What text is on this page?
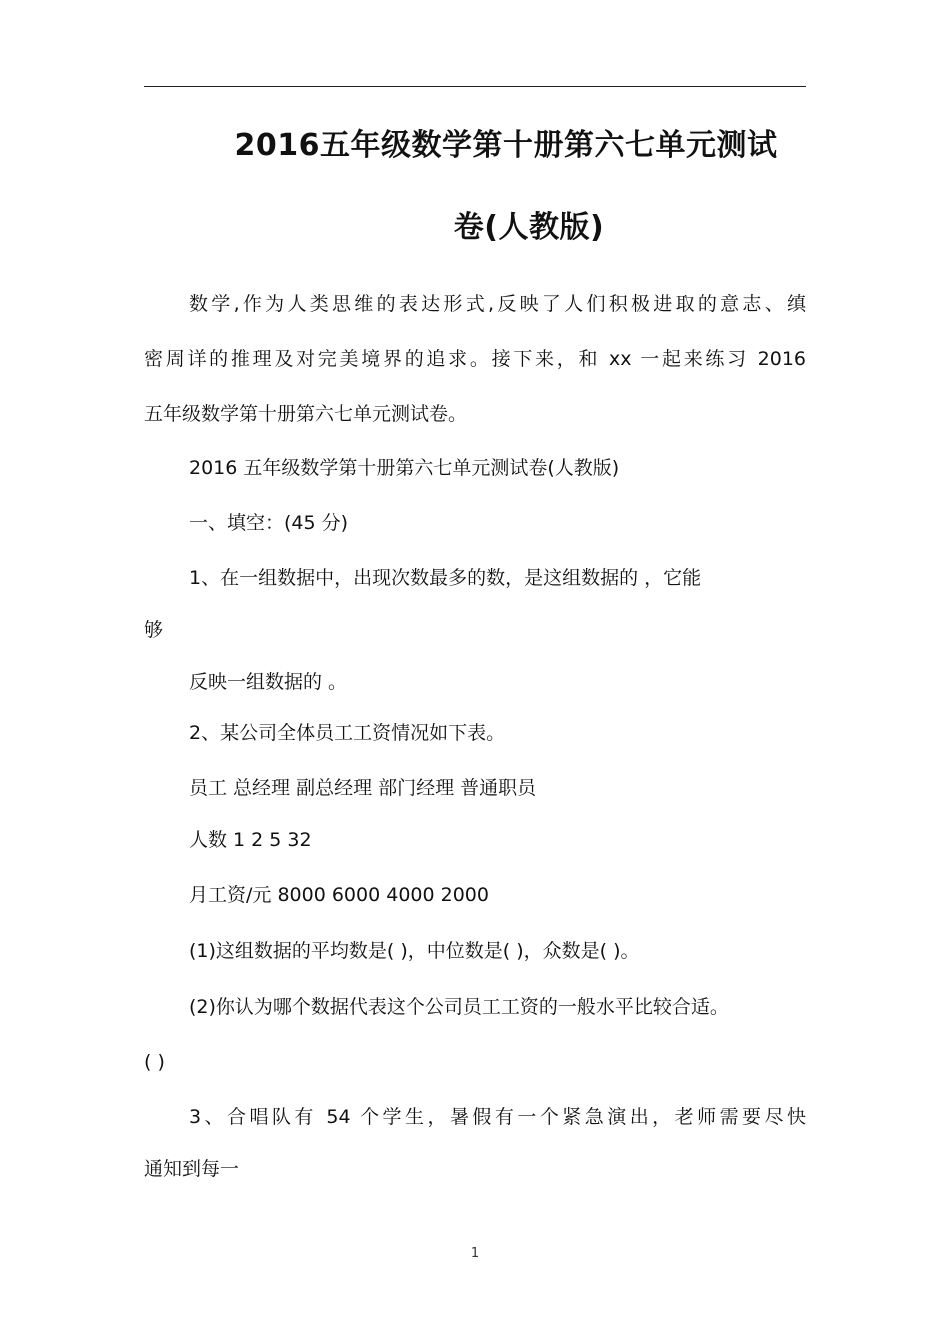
2016五年级数学第十册第六七单元测试
卷(人教版)
数学,作为人类思维的表达形式,反映了人们积极进取的意志、缜
密周详的推理及对完美境界的追求。接下来，和 xx 一起来练习 2016
五年级数学第十册第六七单元测试卷。
2016 五年级数学第十册第六七单元测试卷(人教版)
一、填空：(45 分)
1、在一组数据中，出现次数最多的数，是这组数据的 ，它能
够
反映一组数据的 。
2、某公司全体员工工资情况如下表。
员工 总经理 副总经理 部门经理 普通职员
人数 1 2 5 32
月工资/元 8000 6000 4000 2000
(1)这组数据的平均数是( )，中位数是( )，众数是( )。
(2)你认为哪个数据代表这个公司员工工资的一般水平比较合适。
( )
3、合唱队有 54 个学生，暑假有一个紧急演出，老师需要尽快
通知到每一
1
